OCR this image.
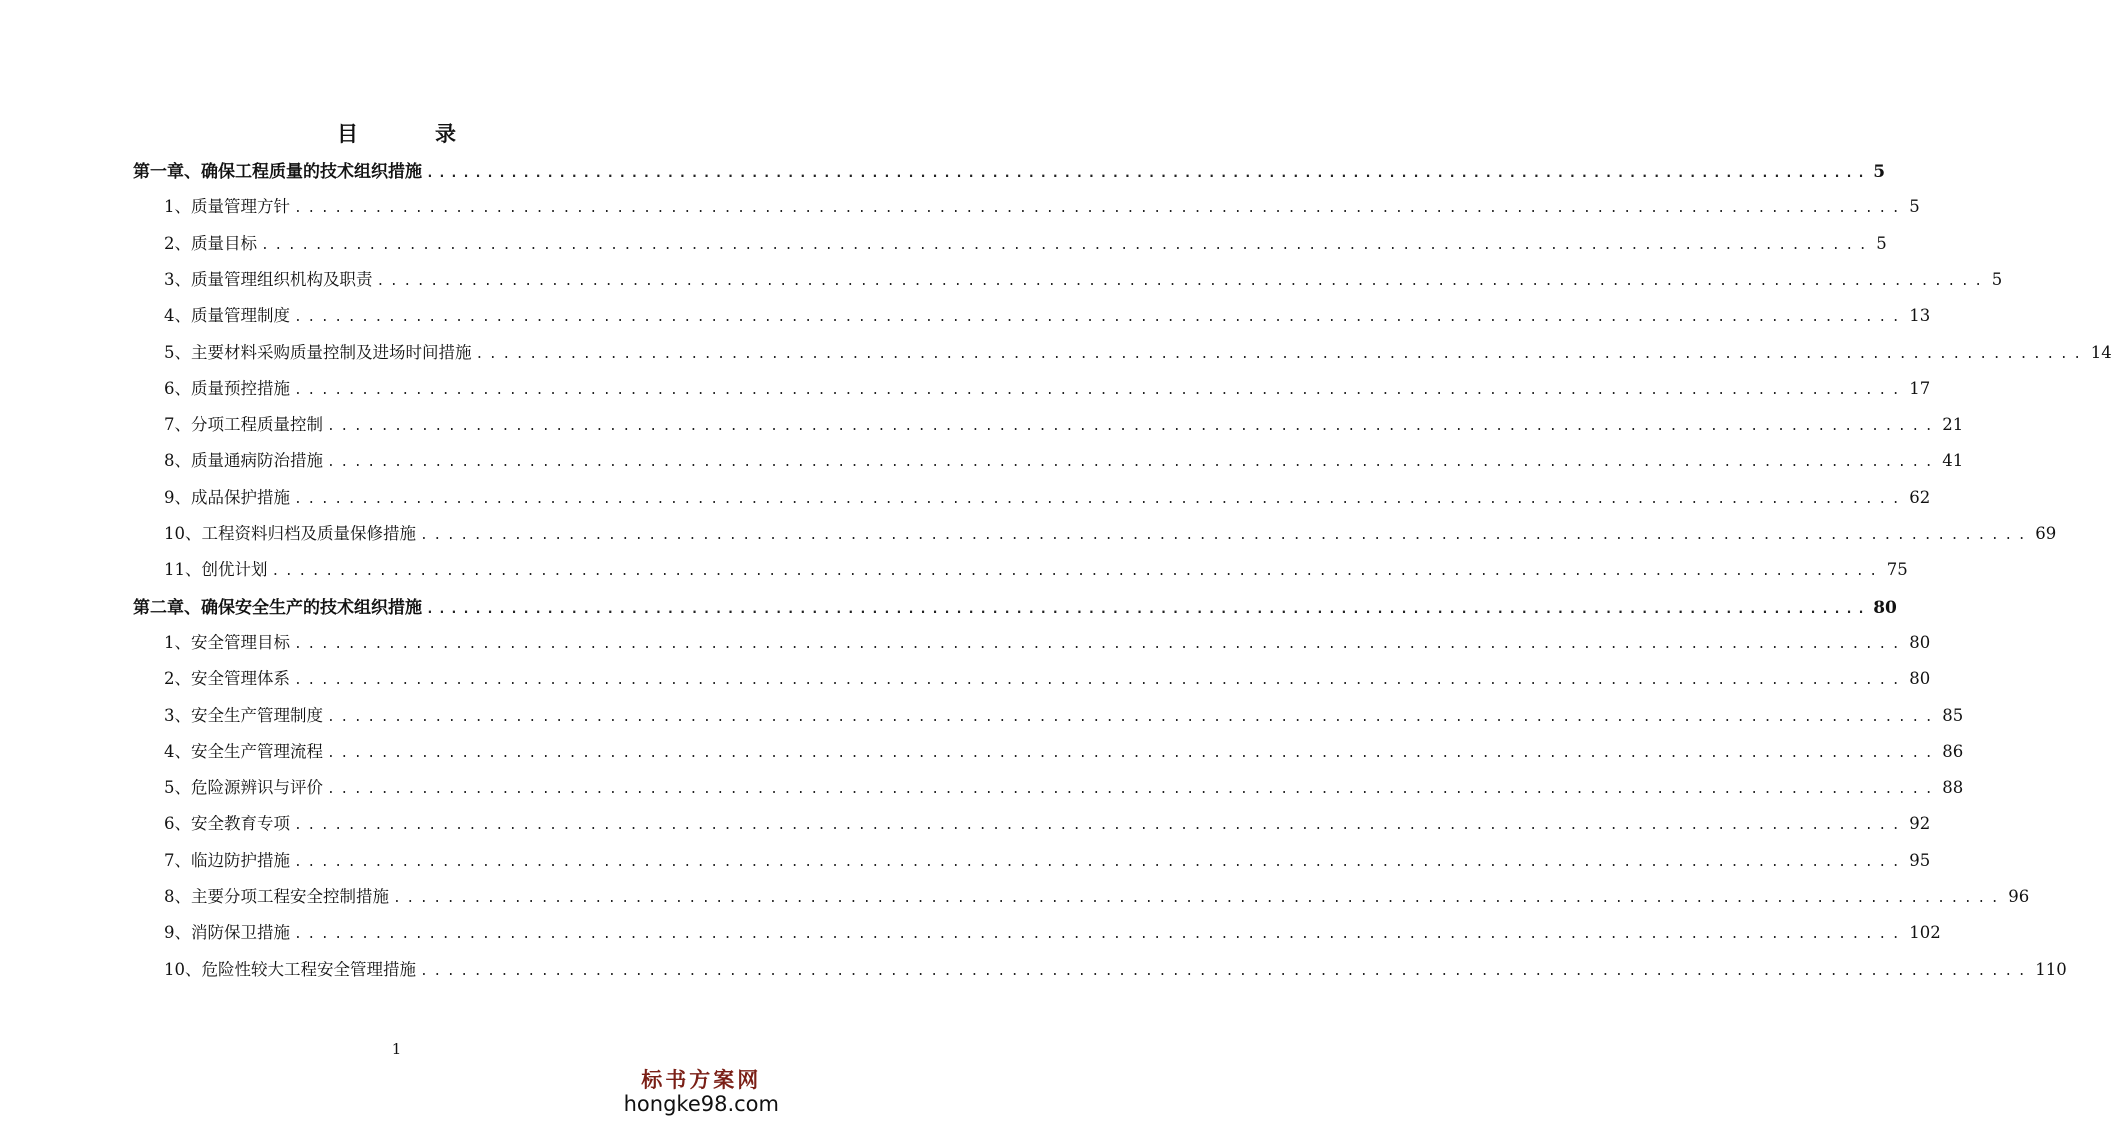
目　录
第一章、确保工程质量的技术组织措施 ........................................................................................................................ 5
1、质量管理方针 ........................................................................................................................ 5
2、质量目标 ........................................................................................................................ 5
3、质量管理组织机构及职责 ........................................................................................................................ 5
4、质量管理制度 ........................................................................................................................ 13
5、主要材料采购质量控制及进场时间措施 ........................................................................................................................ 14
6、质量预控措施 ........................................................................................................................ 17
7、分项工程质量控制 ........................................................................................................................ 21
8、质量通病防治措施 ........................................................................................................................ 41
9、成品保护措施 ........................................................................................................................ 62
10、工程资料归档及质量保修措施 ........................................................................................................................ 69
11、创优计划 ........................................................................................................................ 75
第二章、确保安全生产的技术组织措施 ........................................................................................................................ 80
1、安全管理目标 ........................................................................................................................ 80
2、安全管理体系 ........................................................................................................................ 80
3、安全生产管理制度 ........................................................................................................................ 85
4、安全生产管理流程 ........................................................................................................................ 86
5、危险源辨识与评价 ........................................................................................................................ 88
6、安全教育专项 ........................................................................................................................ 92
7、临边防护措施 ........................................................................................................................ 95
8、主要分项工程安全控制措施 ........................................................................................................................ 96
9、消防保卫措施 ........................................................................................................................ 102
10、危险性较大工程安全管理措施 ........................................................................................................................ 110
1
标书方案网
hongke98.com
